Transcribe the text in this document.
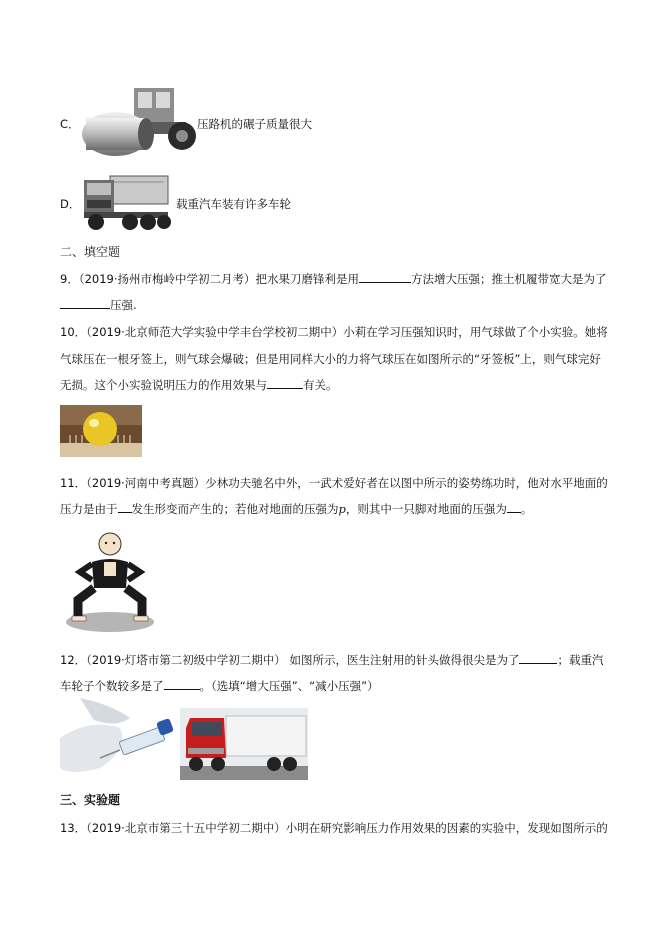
C．	压路机的碾子质量很大
D．	载重汽车装有许多车轮
二、填空题
9．（2019·扬州市梅岭中学初二月考）把水果刀磨锋利是用	方法增大压强；推土机履带宽大是为了
压强.
10．（2019·北京师范大学实验中学丰台学校初二期中）小莉在学习压强知识时，用气球做了个小实验。她将
气球压在一根牙签上，则气球会爆破；但是用同样大小的力将气球压在如图所示的“牙签板”上，则气球完好
无损。这个小实验说明压力的作用效果与	有关。
11．（2019·河南中考真题）少林功夫驰名中外，一武术爱好者在以图中所示的姿势练功时，他对水平地面的
压力是由于 发生形变而产生的；若他对地面的压强为p，则其中一只脚对地面的压强为 。
12．（2019·灯塔市第二初级中学初二期中） 如图所示，医生注射用的针头做得很尖是为了	；载重汽
车轮子个数较多是了	。（选填“增大压强”、“减小压强”）
三、实验题
13．（2019·北京市第三十五中学初二期中）小明在研究影响压力作用效果的因素的实验中，发现如图所示的
